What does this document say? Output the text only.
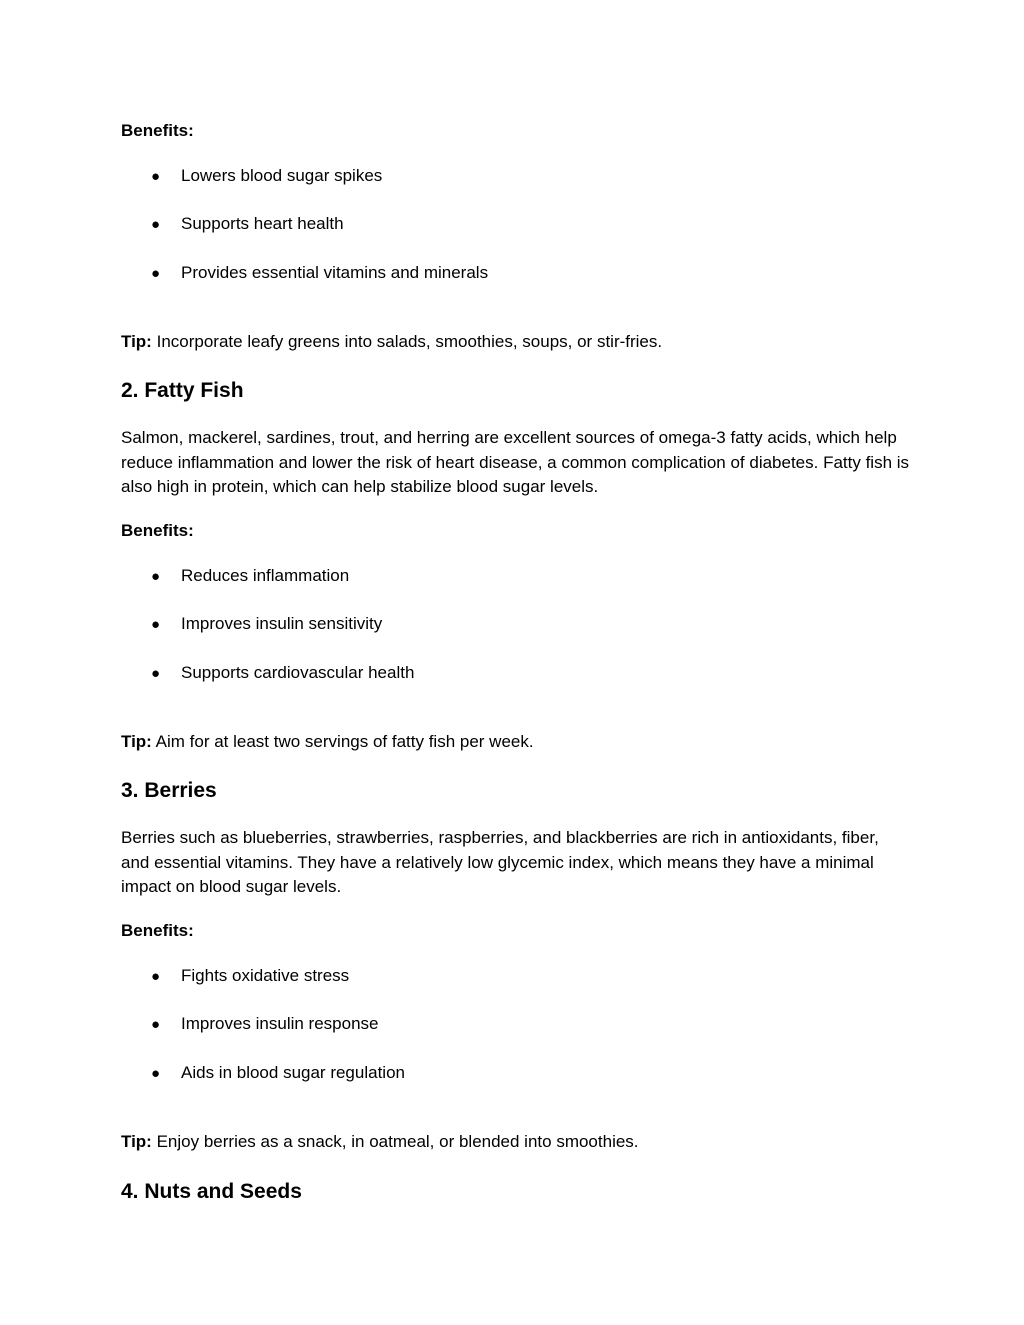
Benefits:
● Lowers blood sugar spikes
● Supports heart health
● Provides essential vitamins and minerals
Tip: Incorporate leafy greens into salads, smoothies, soups, or stir-fries.
2. Fatty Fish
Salmon, mackerel, sardines, trout, and herring are excellent sources of omega-3 fatty acids, which help reduce inflammation and lower the risk of heart disease, a common complication of diabetes. Fatty fish is also high in protein, which can help stabilize blood sugar levels.
Benefits:
● Reduces inflammation
● Improves insulin sensitivity
● Supports cardiovascular health
Tip: Aim for at least two servings of fatty fish per week.
3. Berries
Berries such as blueberries, strawberries, raspberries, and blackberries are rich in antioxidants, fiber, and essential vitamins. They have a relatively low glycemic index, which means they have a minimal impact on blood sugar levels.
Benefits:
● Fights oxidative stress
● Improves insulin response
● Aids in blood sugar regulation
Tip: Enjoy berries as a snack, in oatmeal, or blended into smoothies.
4. Nuts and Seeds
